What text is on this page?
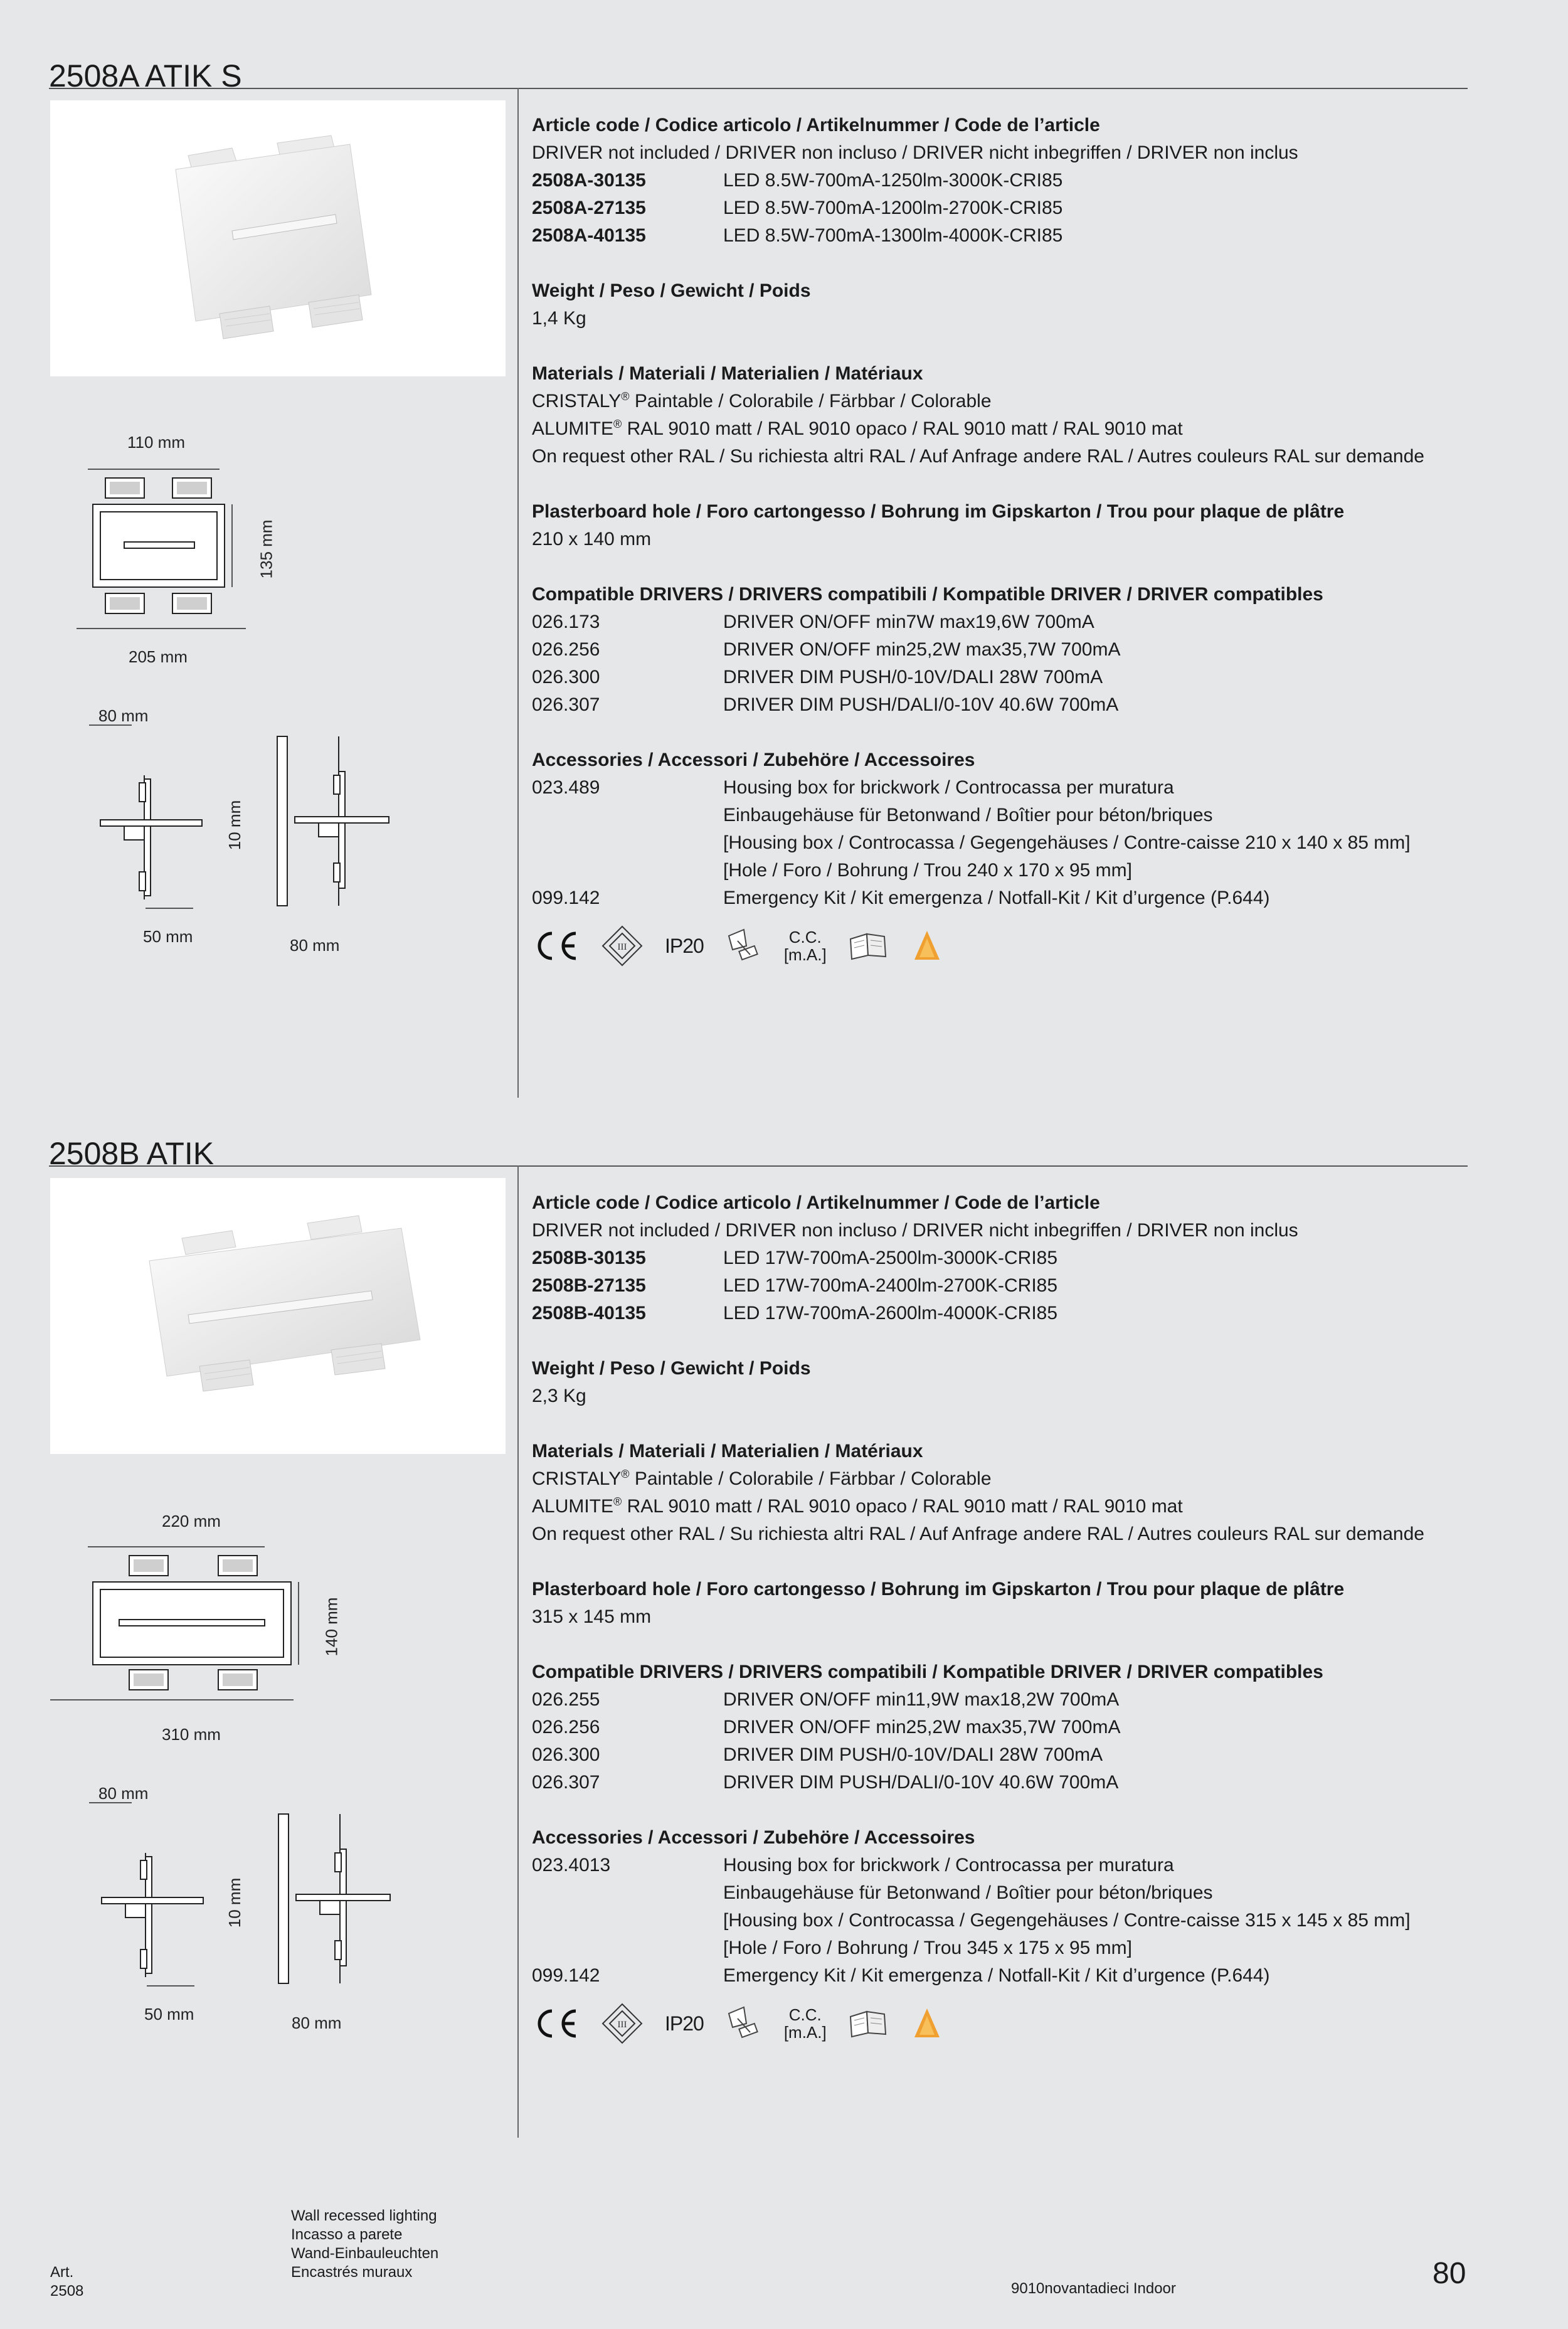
2508A ATIK S
110 mm
135 mm
205 mm
80 mm
10 mm
50 mm	80 mm
Article code / Codice articolo / Artikelnummer / Code de l’article
DRIVER not included / DRIVER non incluso / DRIVER nicht inbegriffen / DRIVER non inclus
2508A-30135	LED 8.5W-700mA-1250lm-3000K-CRI85
2508A-27135	LED 8.5W-700mA-1200lm-2700K-CRI85
2508A-40135	LED 8.5W-700mA-1300lm-4000K-CRI85
Weight / Peso / Gewicht / Poids
1,4 Kg
Materials / Materiali / Materialien / Matériaux
CRISTALY® Paintable / Colorabile / Färbbar / Colorable
ALUMITE® RAL 9010 matt / RAL 9010 opaco / RAL 9010 matt / RAL 9010 mat
On request other RAL / Su richiesta altri RAL / Auf Anfrage andere RAL / Autres couleurs RAL sur demande
Plasterboard hole / Foro cartongesso / Bohrung im Gipskarton / Trou pour plaque de plâtre
210 x 140 mm
Compatible DRIVERS / DRIVERS compatibili / Kompatible DRIVER / DRIVER compatibles
026.173	DRIVER ON/OFF min7W max19,6W 700mA
026.256	DRIVER ON/OFF min25,2W max35,7W 700mA
026.300	DRIVER DIM PUSH/0-10V/DALI 28W 700mA
026.307	DRIVER DIM PUSH/DALI/0-10V 40.6W 700mA
Accessories / Accessori / Zubehöre / Accessoires
023.489	Housing box for brickwork / Controcassa per muratura
Einbaugehäuse für Betonwand / Boîtier pour béton/briques
[Housing box / Controcassa / Gegengehäuses / Contre-caisse 210 x 140 x 85 mm]
[Hole / Foro / Bohrung / Trou 240 x 170 x 95 mm]
099.142	Emergency Kit / Kit emergenza / Notfall-Kit / Kit d’urgence (P.644)
III IP20	C.C.
[m.A.]
2508B ATIK
220 mm
140 mm
310 mm
80 mm
10 mm
50 mm	80 mm
Article code / Codice articolo / Artikelnummer / Code de l’article
DRIVER not included / DRIVER non incluso / DRIVER nicht inbegriffen / DRIVER non inclus
2508B-30135	LED 17W-700mA-2500lm-3000K-CRI85
2508B-27135	LED 17W-700mA-2400lm-2700K-CRI85
2508B-40135	LED 17W-700mA-2600lm-4000K-CRI85
Weight / Peso / Gewicht / Poids
2,3 Kg
Materials / Materiali / Materialien / Matériaux
CRISTALY® Paintable / Colorabile / Färbbar / Colorable
ALUMITE® RAL 9010 matt / RAL 9010 opaco / RAL 9010 matt / RAL 9010 mat
On request other RAL / Su richiesta altri RAL / Auf Anfrage andere RAL / Autres couleurs RAL sur demande
Plasterboard hole / Foro cartongesso / Bohrung im Gipskarton / Trou pour plaque de plâtre
315 x 145 mm
Compatible DRIVERS / DRIVERS compatibili / Kompatible DRIVER / DRIVER compatibles
026.255	DRIVER ON/OFF min11,9W max18,2W 700mA
026.256	DRIVER ON/OFF min25,2W max35,7W 700mA
026.300	DRIVER DIM PUSH/0-10V/DALI 28W 700mA
026.307	DRIVER DIM PUSH/DALI/0-10V 40.6W 700mA
Accessories / Accessori / Zubehöre / Accessoires
023.4013	Housing box for brickwork / Controcassa per muratura
Einbaugehäuse für Betonwand / Boîtier pour béton/briques
[Housing box / Controcassa / Gegengehäuses / Contre-caisse 315 x 145 x 85 mm]
[Hole / Foro / Bohrung / Trou 345 x 175 x 95 mm]
099.142	Emergency Kit / Kit emergenza / Notfall-Kit / Kit d’urgence (P.644)
III IP20	C.C.
[m.A.]
Wall recessed lighting
Incasso a parete
Wand-Einbauleuchten
Encastrés muraux
Art.
2508	9010novantadieci Indoor	80
